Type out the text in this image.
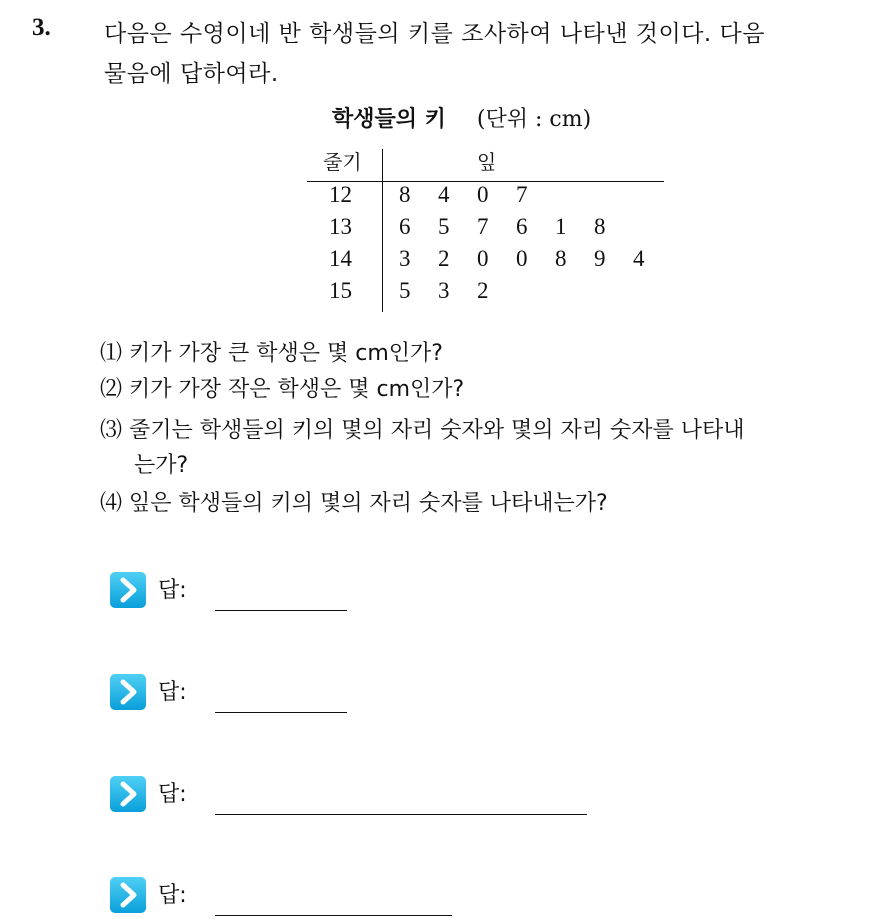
3. 다음은 수영이네 반 학생들의 키를 조사하여 나타낸 것이다. 다음
물음에 답하여라.
학생들의 키 (단위 : cm)
줄기	잎
12 8 4 0 7
13 6 5 7 6 1 8
14 3 2 0 0 8 9 4
15 5 3 2
⑴ 키가 가장 큰 학생은 몇 cm인가?
⑵ 키가 가장 작은 학생은 몇 cm인가?
⑶ 줄기는 학생들의 키의 몇의 자리 숫자와 몇의 자리 숫자를 나타내
는가?
⑷ 잎은 학생들의 키의 몇의 자리 숫자를 나타내는가?
답:
답:
답:
답:
